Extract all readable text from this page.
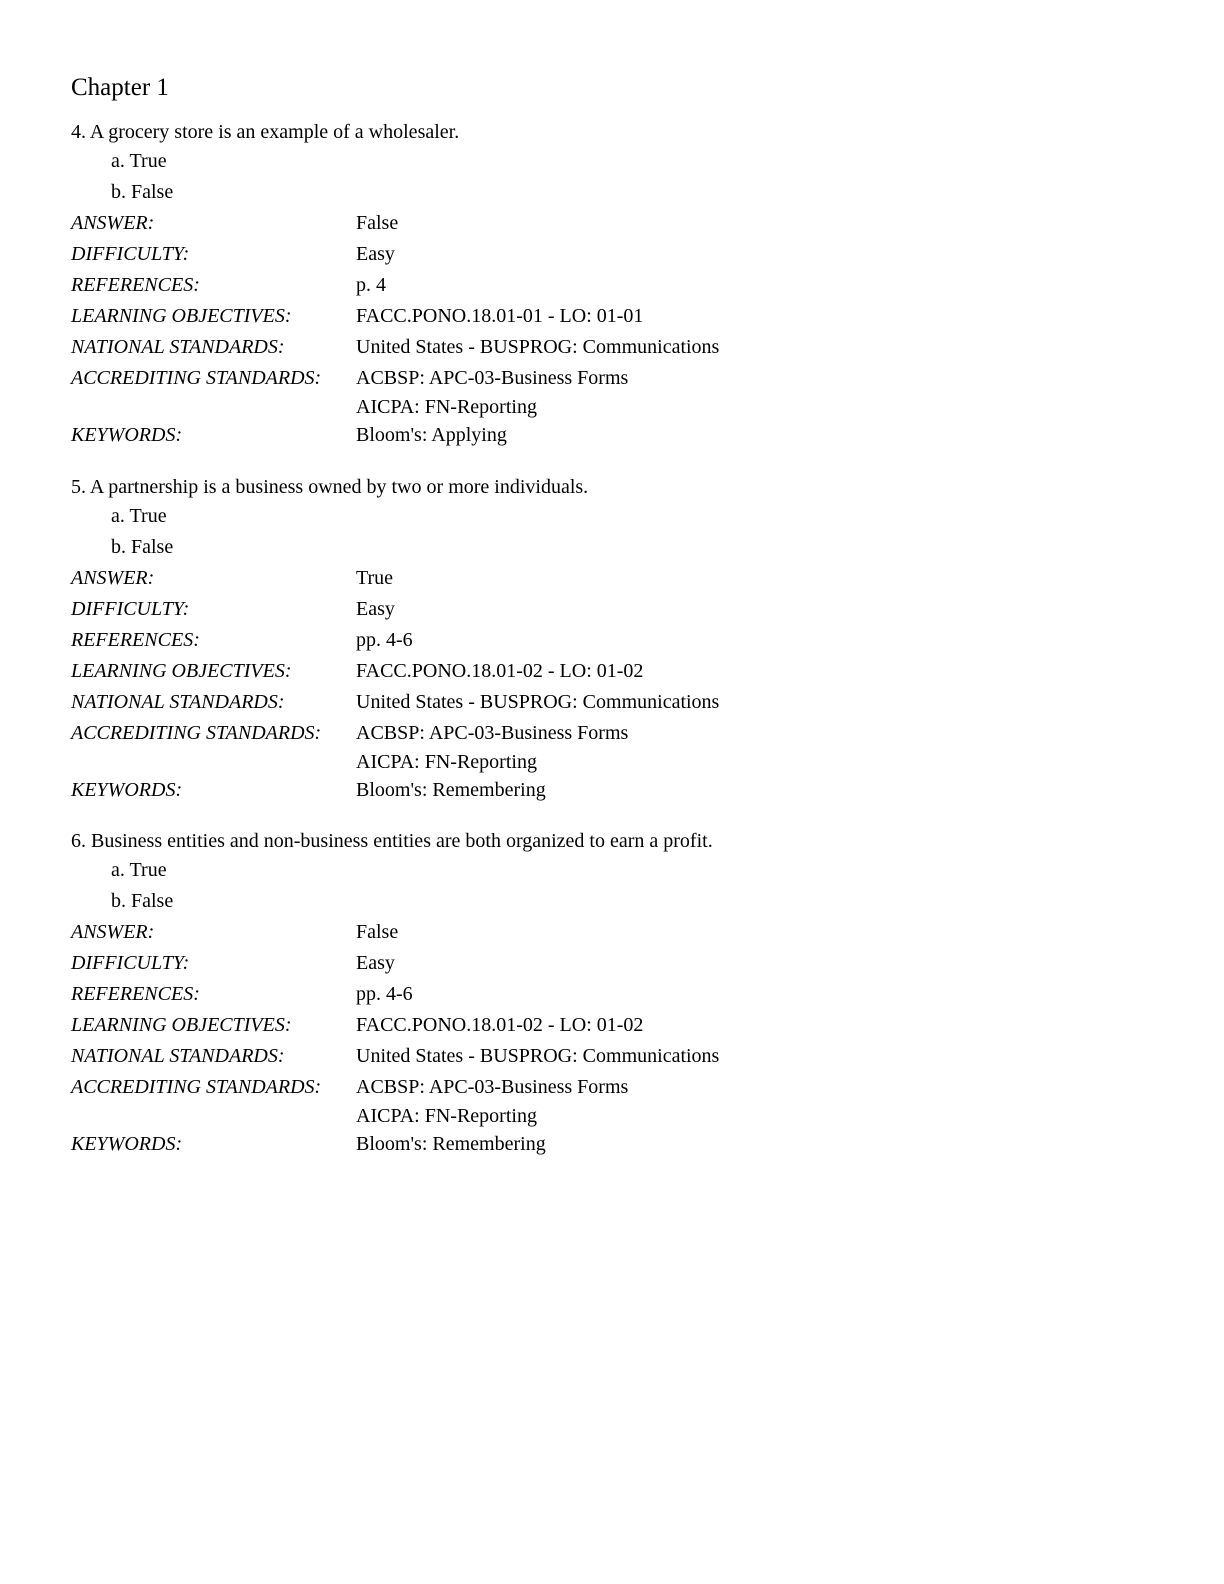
Chapter 1
4. A grocery store is an example of a wholesaler.
a. True
b. False
ANSWER:	False
DIFFICULTY:	Easy
REFERENCES:	p. 4
LEARNING OBJECTIVES:	FACC.PONO.18.01-01 - LO: 01-01
NATIONAL STANDARDS:	United States - BUSPROG: Communications
ACCREDITING STANDARDS:	ACBSP: APC-03-Business Forms
AICPA: FN-Reporting
KEYWORDS:	Bloom's: Applying
5. A partnership is a business owned by two or more individuals.
a. True
b. False
ANSWER:	True
DIFFICULTY:	Easy
REFERENCES:	pp. 4-6
LEARNING OBJECTIVES:	FACC.PONO.18.01-02 - LO: 01-02
NATIONAL STANDARDS:	United States - BUSPROG: Communications
ACCREDITING STANDARDS:	ACBSP: APC-03-Business Forms
AICPA: FN-Reporting
KEYWORDS:	Bloom's: Remembering
6. Business entities and non-business entities are both organized to earn a profit.
a. True
b. False
ANSWER:	False
DIFFICULTY:	Easy
REFERENCES:	pp. 4-6
LEARNING OBJECTIVES:	FACC.PONO.18.01-02 - LO: 01-02
NATIONAL STANDARDS:	United States - BUSPROG: Communications
ACCREDITING STANDARDS:	ACBSP: APC-03-Business Forms
AICPA: FN-Reporting
KEYWORDS:	Bloom's: Remembering
